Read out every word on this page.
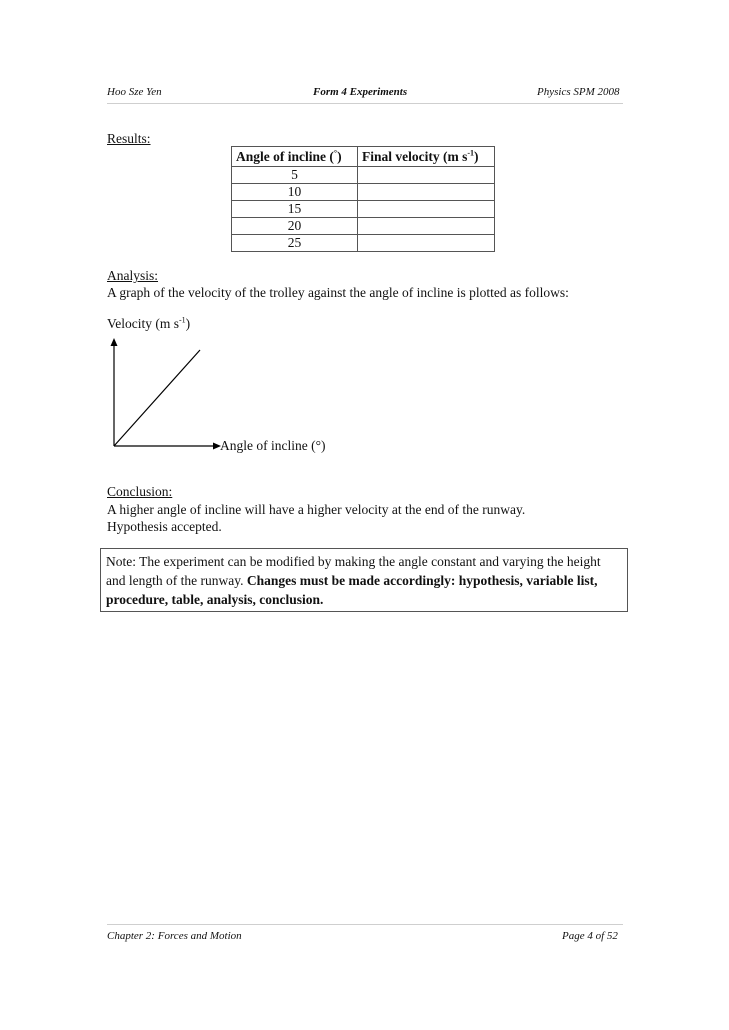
Hoo Sze Yen	Form 4 Experiments	Physics SPM 2008
Results:
Angle of incline (°)	Final velocity (m $s^{-1}$)
5	
10	
15	
20	
25	
Analysis:
A graph of the velocity of the trolley against the angle of incline is plotted as follows:
Velocity (m $s^{-1}$)
Angle of incline (°)
Conclusion:
A higher angle of incline will have a higher velocity at the end of the runway.
Hypothesis accepted.
Note: The experiment can be modified by making the angle constant and varying the height and length of the runway. Changes must be made accordingly: hypothesis, variable list, procedure, table, analysis, conclusion.
Chapter 2: Forces and Motion	Page 4 of 52
